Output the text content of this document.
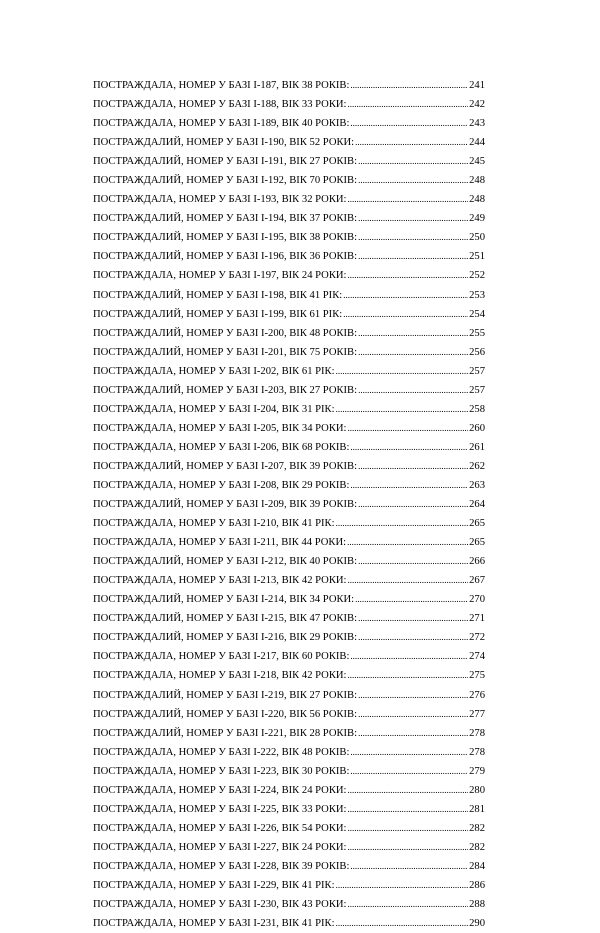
ПОСТРАЖДАЛА, НОМЕР У БАЗІ І-187, ВІК 38 РОКІВ: .....	241
ПОСТРАЖДАЛА, НОМЕР У БАЗІ І-188, ВІК 33 РОКИ: .....	242
ПОСТРАЖДАЛА, НОМЕР У БАЗІ І-189, ВІК 40 РОКІВ: .....	243
ПОСТРАЖДАЛИЙ, НОМЕР У БАЗІ І-190, ВІК 52 РОКИ: .....	244
ПОСТРАЖДАЛИЙ, НОМЕР У БАЗІ І-191, ВІК 27 РОКІВ: .....	245
ПОСТРАЖДАЛИЙ, НОМЕР У БАЗІ І-192, ВІК 70 РОКІВ: .....	248
ПОСТРАЖДАЛА, НОМЕР У БАЗІ І-193, ВІК 32 РОКИ: .....	248
ПОСТРАЖДАЛИЙ, НОМЕР У БАЗІ І-194, ВІК 37 РОКІВ: .....	249
ПОСТРАЖДАЛИЙ, НОМЕР У БАЗІ І-195, ВІК 38 РОКІВ: .....	250
ПОСТРАЖДАЛИЙ, НОМЕР У БАЗІ І-196, ВІК 36 РОКІВ: .....	251
ПОСТРАЖДАЛА, НОМЕР У БАЗІ І-197, ВІК 24 РОКИ: .....	252
ПОСТРАЖДАЛИЙ, НОМЕР У БАЗІ І-198, ВІК 41 РІК: .....	253
ПОСТРАЖДАЛИЙ, НОМЕР У БАЗІ І-199, ВІК 61 РІК: .....	254
ПОСТРАЖДАЛИЙ, НОМЕР У БАЗІ І-200, ВІК 48 РОКІВ: .....	255
ПОСТРАЖДАЛИЙ, НОМЕР У БАЗІ І-201, ВІК 75 РОКІВ: .....	256
ПОСТРАЖДАЛА, НОМЕР У БАЗІ І-202, ВІК 61 РІК: .....	257
ПОСТРАЖДАЛИЙ, НОМЕР У БАЗІ І-203, ВІК 27 РОКІВ: .....	257
ПОСТРАЖДАЛА, НОМЕР У БАЗІ І-204, ВІК 31 РІК: .....	258
ПОСТРАЖДАЛА, НОМЕР У БАЗІ І-205, ВІК 34 РОКИ: .....	260
ПОСТРАЖДАЛА, НОМЕР У БАЗІ І-206, ВІК 68 РОКІВ: .....	261
ПОСТРАЖДАЛИЙ, НОМЕР У БАЗІ І-207, ВІК 39 РОКІВ: .....	262
ПОСТРАЖДАЛА, НОМЕР У БАЗІ І-208, ВІК 29 РОКІВ: .....	263
ПОСТРАЖДАЛИЙ, НОМЕР У БАЗІ І-209, ВІК 39 РОКІВ: .....	264
ПОСТРАЖДАЛА, НОМЕР У БАЗІ І-210, ВІК 41 РІК: .....	265
ПОСТРАЖДАЛА, НОМЕР У БАЗІ І-211, ВІК 44 РОКИ: .....	265
ПОСТРАЖДАЛИЙ, НОМЕР У БАЗІ І-212, ВІК 40 РОКІВ: .....	266
ПОСТРАЖДАЛА, НОМЕР У БАЗІ І-213, ВІК 42 РОКИ: .....	267
ПОСТРАЖДАЛИЙ, НОМЕР У БАЗІ І-214, ВІК 34 РОКИ: .....	270
ПОСТРАЖДАЛИЙ, НОМЕР У БАЗІ І-215, ВІК 47 РОКІВ: .....	271
ПОСТРАЖДАЛИЙ, НОМЕР У БАЗІ І-216, ВІК 29 РОКІВ: .....	272
ПОСТРАЖДАЛА, НОМЕР У БАЗІ І-217, ВІК 60 РОКІВ: .....	274
ПОСТРАЖДАЛА, НОМЕР У БАЗІ І-218, ВІК 42 РОКИ: .....	275
ПОСТРАЖДАЛИЙ, НОМЕР У БАЗІ І-219, ВІК 27 РОКІВ: .....	276
ПОСТРАЖДАЛИЙ, НОМЕР У БАЗІ І-220, ВІК 56 РОКІВ: .....	277
ПОСТРАЖДАЛИЙ, НОМЕР У БАЗІ І-221, ВІК 28 РОКІВ: .....	278
ПОСТРАЖДАЛА, НОМЕР У БАЗІ І-222, ВІК 48 РОКІВ: .....	278
ПОСТРАЖДАЛА, НОМЕР У БАЗІ І-223, ВІК 30 РОКІВ: .....	279
ПОСТРАЖДАЛА, НОМЕР У БАЗІ І-224, ВІК 24 РОКИ: .....	280
ПОСТРАЖДАЛА, НОМЕР У БАЗІ І-225, ВІК 33 РОКИ: .....	281
ПОСТРАЖДАЛА, НОМЕР У БАЗІ І-226, ВІК 54 РОКИ: .....	282
ПОСТРАЖДАЛА, НОМЕР У БАЗІ І-227, ВІК 24 РОКИ: .....	282
ПОСТРАЖДАЛА, НОМЕР У БАЗІ І-228, ВІК 39 РОКІВ: .....	284
ПОСТРАЖДАЛА, НОМЕР У БАЗІ І-229, ВІК 41 РІК: .....	286
ПОСТРАЖДАЛА, НОМЕР У БАЗІ І-230, ВІК 43 РОКИ: .....	288
ПОСТРАЖДАЛА, НОМЕР У БАЗІ І-231, ВІК 41 РІК: .....	290
